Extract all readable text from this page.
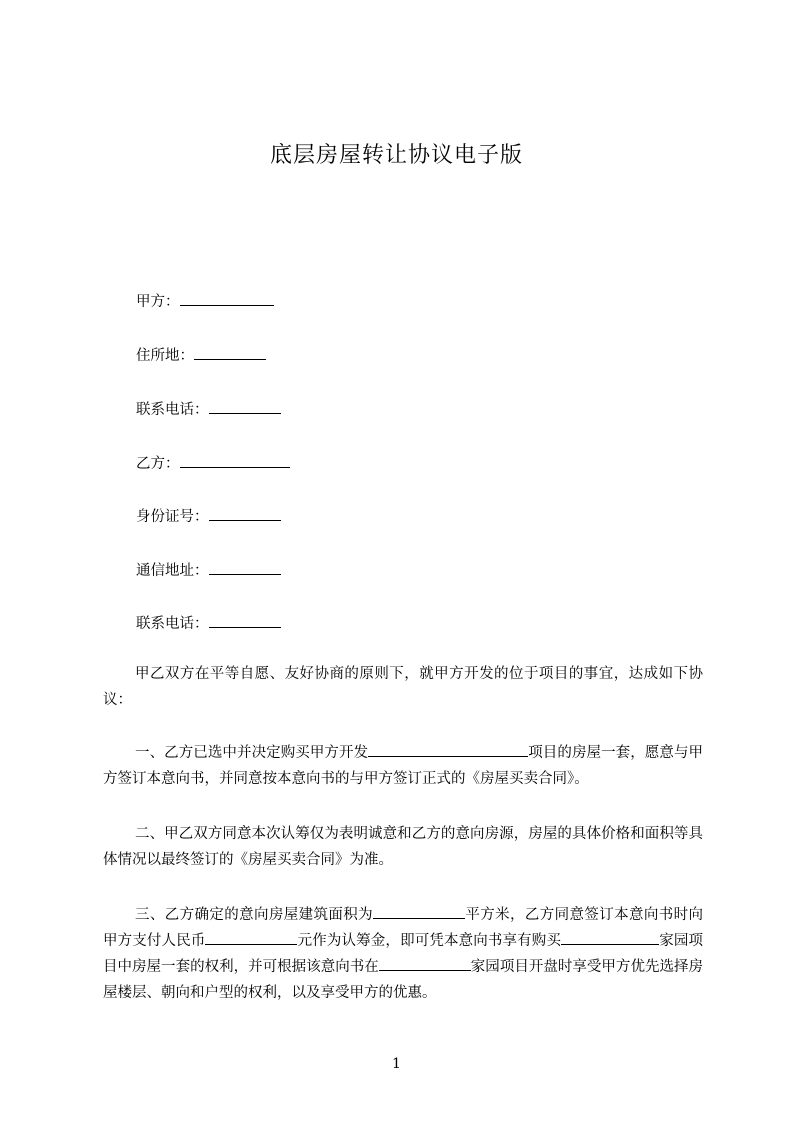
底层房屋转让协议电子版
甲方：
住所地：
联系电话：
乙方：
身份证号：
通信地址：
联系电话：
甲乙双方在平等自愿、友好协商的原则下，就甲方开发的位于项目的事宜，达成如下协议：
一、乙方已选中并决定购买甲方开发	项目的房屋一套，愿意与甲方签订本意向书，并同意按本意向书的与甲方签订正式的《房屋买卖合同》。
二、甲乙双方同意本次认筹仅为表明诚意和乙方的意向房源，房屋的具体价格和面积等具体情况以最终签订的《房屋买卖合同》为准。
三、乙方确定的意向房屋建筑面积为	平方米，乙方同意签订本意向书时向甲方支付人民币	元作为认筹金，即可凭本意向书享有购买	家园项目中房屋一套的权利，并可根据该意向书在	家园项目开盘时享受甲方优先选择房屋楼层、朝向和户型的权利，以及享受甲方的优惠。
1
